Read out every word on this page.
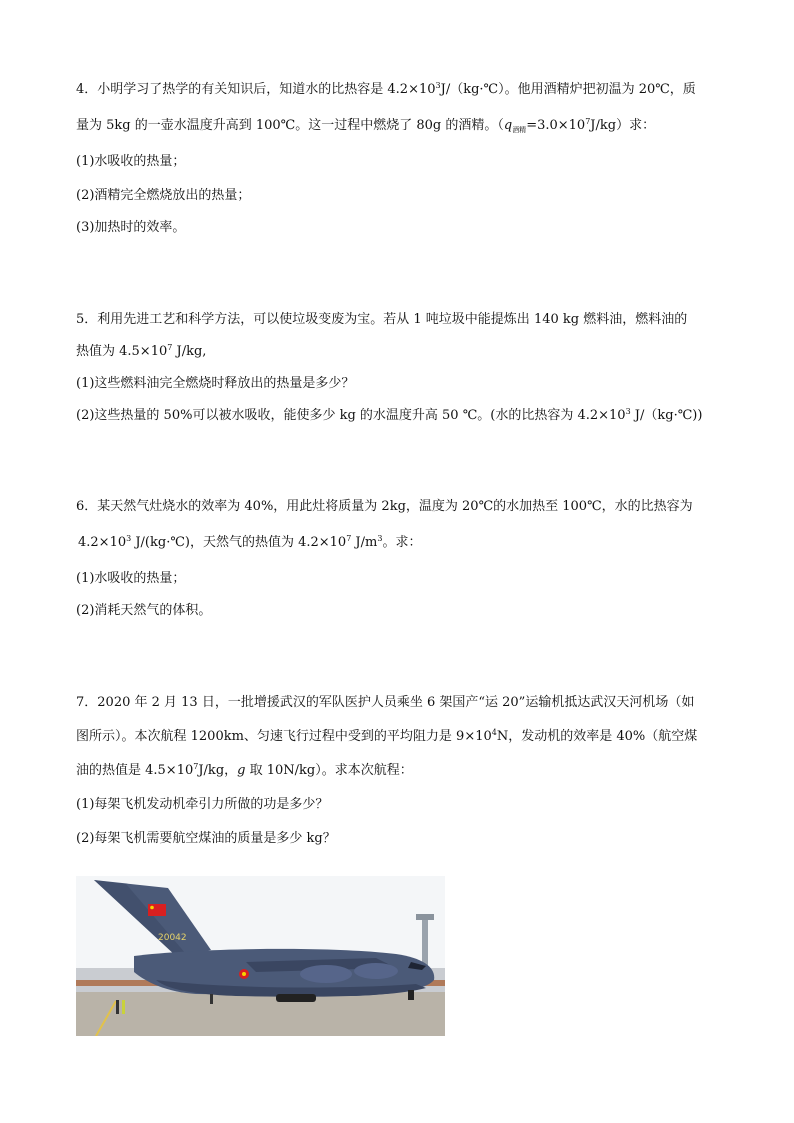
4．小明学习了热学的有关知识后，知道水的比热容是 $4.2\times 10^3J/(kg\cdot℃)$。他用酒精炉把初温为 20℃，质
量为 5kg 的一壶水温度升高到 100℃。这一过程中燃烧了 80g 的酒精。$(q_{酒精}=3.0\times 10^7J/kg)$求：
(1)水吸收的热量；
(2)酒精完全燃烧放出的热量；
(3)加热时的效率。
5．利用先进工艺和科学方法，可以使垃圾变废为宝。若从 1 吨垃圾中能提炼出 140 kg 燃料油，燃料油的
热值为 $4.5\times 10^7$ J/kg,
(1)这些燃料油完全燃烧时释放出的热量是多少？
(2)这些热量的 50%可以被水吸收，能使多少 kg 的水温度升高 50 ℃。(水的比热容为 $4.2\times 10^3$ J/（kg·℃))
6．某天然气灶烧水的效率为 40%，用此灶将质量为 2kg，温度为 20℃的水加热至 100℃，水的比热容为
$4.2\times 10^3$ J/(kg·℃)，天然气的热值为 $4.2\times 10^7$ $J/m^3$。求：
(1)水吸收的热量；
(2)消耗天然气的体积。
7．2020 年 2 月 13 日，一批增援武汉的军队医护人员乘坐 6 架国产“运 20”运输机抵达武汉天河机场（如
图所示）。本次航程 1200km、匀速飞行过程中受到的平均阻力是 $9\times 10^4N$，发动机的效率是 40%（航空煤
油的热值是 $4.5\times 10^7J/kg$，g 取 10N/kg）。求本次航程：
(1)每架飞机发动机牵引力所做的功是多少？
(2)每架飞机需要航空煤油的质量是多少 kg？
20042
